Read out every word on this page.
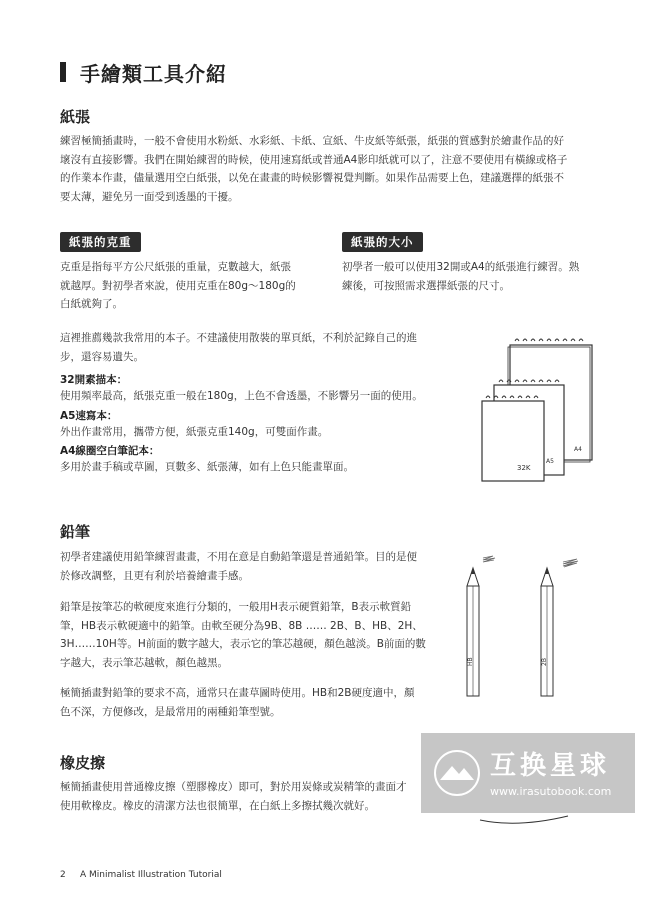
手繪類工具介紹
紙張
練習極簡插畫時，一般不會使用水粉紙、水彩紙、卡紙、宣紙、牛皮紙等紙張，紙張的質感對於繪畫作品的好
壞沒有直接影響。我們在開始練習的時候，使用速寫紙或普通A4影印紙就可以了，注意不要使用有橫線或格子
的作業本作畫，儘量選用空白紙張，以免在畫畫的時候影響視覺判斷。如果作品需要上色，建議選擇的紙張不
要太薄，避免另一面受到透墨的干擾。
紙張的克重
克重是指每平方公尺紙張的重量，克數越大，紙張
就越厚。對初學者來說，使用克重在80g～180g的
白紙就夠了。
紙張的大小
初學者一般可以使用32開或A4的紙張進行練習。熟
練後，可按照需求選擇紙張的尺寸。
這裡推薦幾款我常用的本子。不建議使用散裝的單頁紙，不利於記錄自己的進
步，還容易遺失。
32開素描本：
使用頻率最高，紙張克重一般在180g，上色不會透墨，不影響另一面的使用。
A5速寫本：
外出作畫常用，攜帶方便，紙張克重140g，可雙面作畫。
A4線圈空白筆記本：
多用於畫手稿或草圖，頁數多、紙張薄，如有上色只能畫單面。	32K
A5
A4
鉛筆
初學者建議使用鉛筆練習畫畫，不用在意是自動鉛筆還是普通鉛筆。目的是便
於修改調整，且更有利於培養繪畫手感。
鉛筆是按筆芯的軟硬度來進行分類的，一般用H表示硬質鉛筆，B表示軟質鉛
筆，HB表示軟硬適中的鉛筆。由軟至硬分為9B、8B …… 2B、B、HB、2H、
3H……10H等。H前面的數字越大，表示它的筆芯越硬，顏色越淡。B前面的數
字越大，表示筆芯越軟，顏色越黑。
極簡插畫對鉛筆的要求不高，通常只在畫草圖時使用。HB和2B硬度適中，顏
色不深，方便修改，是最常用的兩種鉛筆型號。
HB	2B
橡皮擦
極簡插畫使用普通橡皮擦（塑膠橡皮）即可，對於用炭條或炭精筆的畫面才
使用軟橡皮。橡皮的清潔方法也很簡單，在白紙上多擦拭幾次就好。
互换星球
www.irasutobook.com
2 A Minimalist Illustration Tutorial
